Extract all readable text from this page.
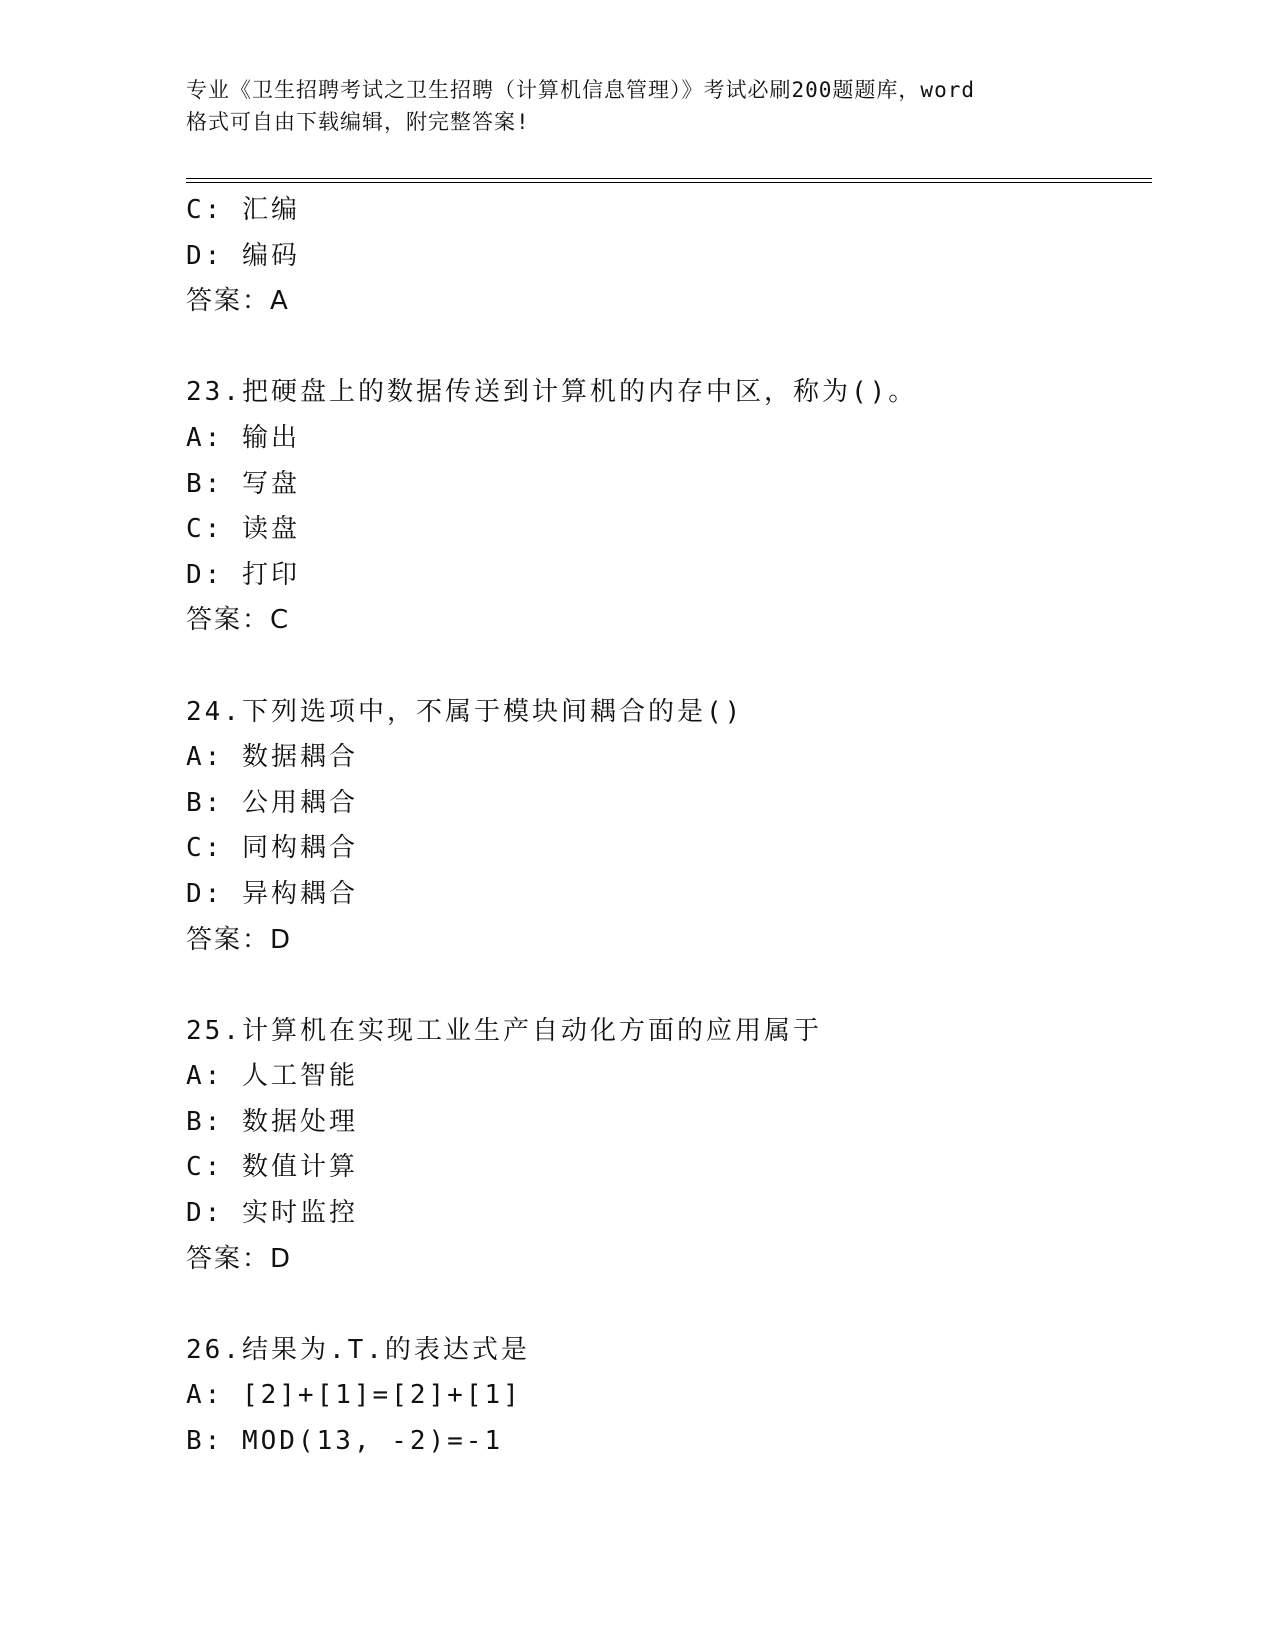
专业《卫生招聘考试之卫生招聘（计算机信息管理）》考试必刷200题题库，word
格式可自由下载编辑，附完整答案!
C: 汇编
D: 编码
答案：A
23.把硬盘上的数据传送到计算机的内存中区，称为()。
A: 输出
B: 写盘
C: 读盘
D: 打印
答案：C
24.下列选项中，不属于模块间耦合的是()
A: 数据耦合
B: 公用耦合
C: 同构耦合
D: 异构耦合
答案：D
25.计算机在实现工业生产自动化方面的应用属于
A: 人工智能
B: 数据处理
C: 数值计算
D: 实时监控
答案：D
26.结果为.T.的表达式是
A: [2]+[1]=[2]+[1]
B: MOD(13, -2)=-1
